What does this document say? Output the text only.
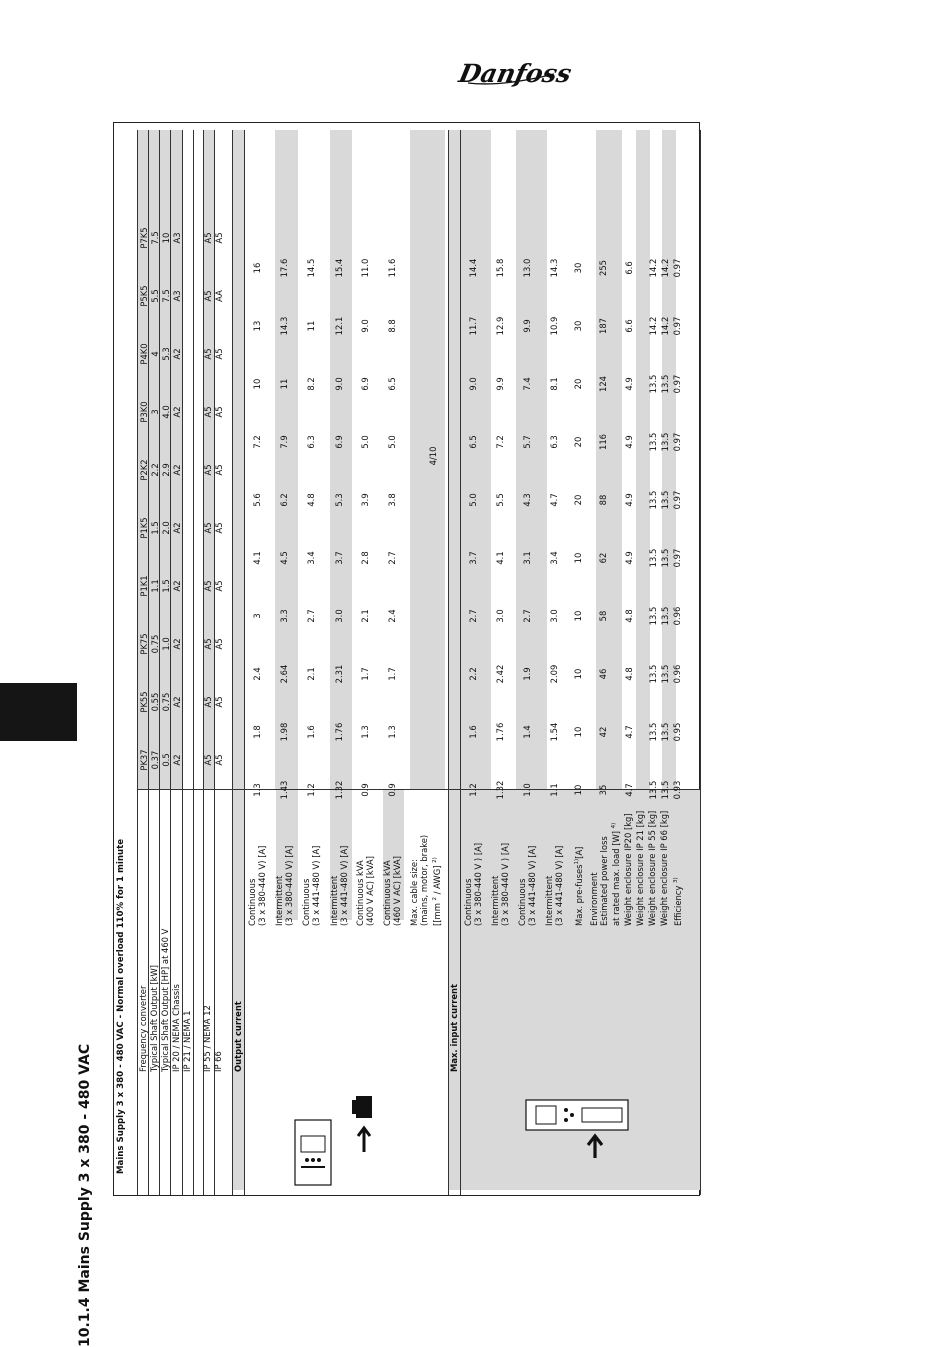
Danfoss
10.1.4 Mains Supply 3 x 380 - 480 VAC
Mains Supply 3 x 380 - 480 VAC - Normal overload 110% for 1 minute Frequency converter
PK37
PK55
PK75
P1K1
P1K5
P2K2
P3K0
P4K0
P5K5
P7K5
Typical Shaft Output [kW]
0.37
0.55
0.75
1.1
1.5
2.2
3
4
5.5
7.5
Typical Shaft Output [HP] at 460 V
0.5
0.75
1.0
1.5
2.0
2.9
4.0
5.3
7.5
10
IP 20 / NEMA Chassis
A2
A2
A2
A2
A2
A2
A2
A2
A3
A3
IP 21 / NEMA 1 IP 55 / NEMA 12
A5
A5
A5
A5
A5
A5
A5
A5
A5
A5
IP 66
A5
A5
A5
A5
A5
A5
A5
A5
AA
A5
Output current	Max. input current
Continuous (3 x 380-440 V) [A]
1.3
1.8
2.4
3
4.1
5.6
7.2
10
13
16
Intermittent (3 x 380-440 V) [A]
1.43
1.98
2.64
3.3
4.5
6.2
7.9
11
14.3
17.6
Continuous (3 x 441-480 V) [A]
1.2
1.6
2.1
2.7
3.4
4.8
6.3
8.2
11
14.5
Intermittent (3 x 441-480 V) [A]
1.32
1.76
2.31
3.0
3.7
5.3
6.9
9.0
12.1
15.4
Continuous kVA (400 V AC) [kVA]
0.9
1.3
1.7
2.1
2.8
3.9
5.0
6.9
9.0
11.0
Continuous kVA (460 V AC) [kVA]
0.9
1.3
1.7
2.4
2.7
3.8
5.0
6.5
8.8
11.6
Max. cable size: (mains, motor, brake) [[mm $^2$ / AWG] $^{2)}$
4/10
Continuous (3 x 380-440 V ) [A]
1.2
1.6
2.2
2.7
3.7
5.0
6.5
9.0
11.7
14.4
Intermittent (3 x 380-440 V ) [A]
1.32
1.76
2.42
3.0
4.1
5.5
7.2
9.9
12.9
15.8
Continuous (3 x 441-480 V) [A]
1.0
1.4
1.9
2.7
3.1
4.3
5.7
7.4
9.9
13.0
Intermittent (3 x 441-480 V) [A]
1.1
1.54
2.09
3.0
3.4
4.7
6.3
8.1
10.9
14.3
Max. pre-fuses$^{1)}$[A]
10
10
10
10
10
20
20
20
30
30
Environment Estimated power loss at rated max. load [W] $^{4)}$
35
42
46
58
62
88
116
124
187
255
Weight enclosure IP20 [kg]
4.7
4.7
4.8
4.8
4.9
4.9
4.9
4.9
6.6
6.6
Weight enclosure IP 21 [kg] Weight enclosure IP 55 [kg]
13.5
13.5
13.5
13.5
13.5
13.5
13.5
13.5
14.2
14.2
Weight enclosure IP 66 [kg]
13.5
13.5
13.5
13.5
13.5
13.5
13.5
13.5
14.2
14.2
Efficiency $^{3)}$
0.93
0.95
0.96
0.96
0.97
0.97
0.97
0.97
0.97
0.97
